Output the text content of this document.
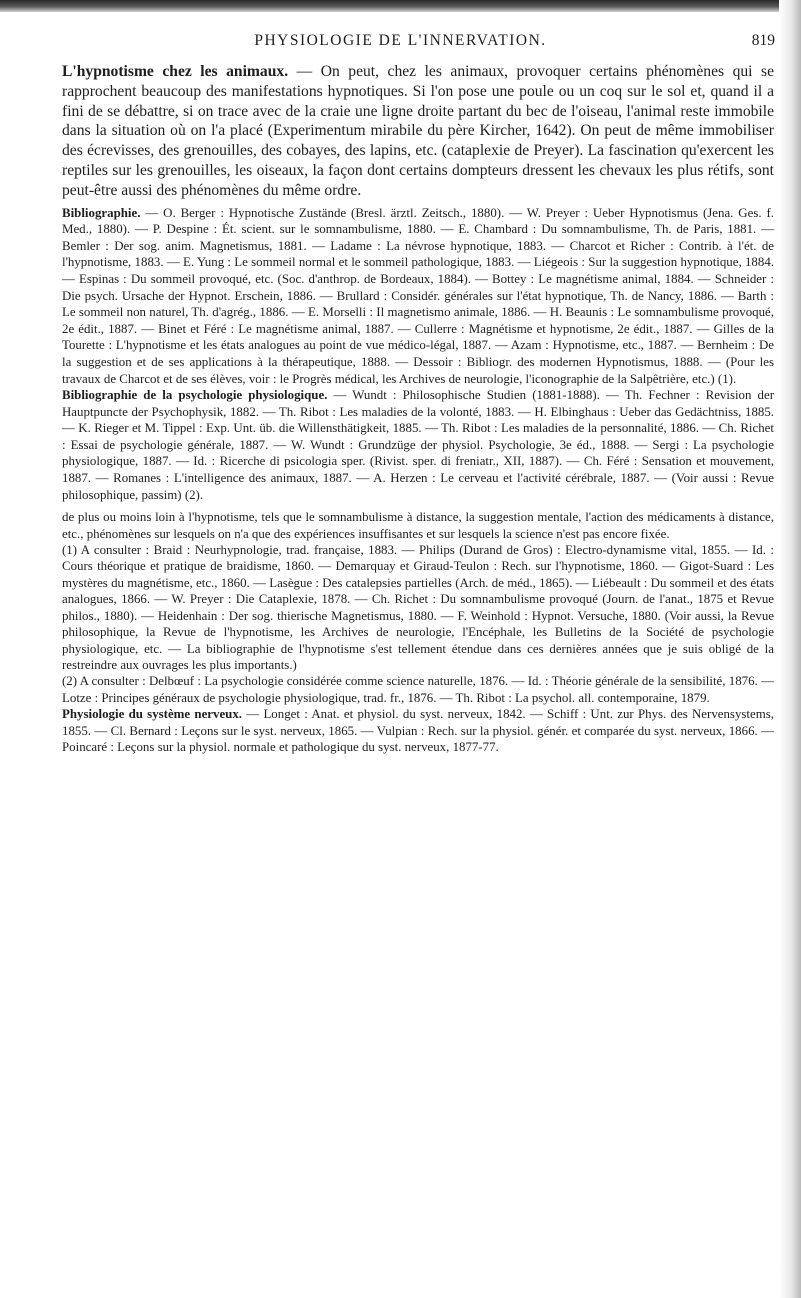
PHYSIOLOGIE DE L'INNERVATION.	819

L'hypnotisme chez les animaux. — On peut, chez les animaux, provoquer certains phénomènes qui se rapprochent beaucoup des manifestations hypnotiques. Si l'on pose une poule ou un coq sur le sol et, quand il a fini de se débattre, si on trace avec de la craie une ligne droite partant du bec de l'oiseau, l'animal reste immobile dans la situation où on l'a placé (Experimentum mirabile du père Kircher, 1642). On peut de même immobiliser des écrevisses, des grenouilles, des cobayes, des lapins, etc. (cataplexie de Preyer). La fascination qu'exercent les reptiles sur les grenouilles, les oiseaux, la façon dont certains dompteurs dressent les chevaux les plus rétifs, sont peut-être aussi des phénomènes du même ordre.

Bibliographie. — O. Berger : Hypnotische Zustände (Bresl. ärztl. Zeitsch., 1880). — W. Preyer : Ueber Hypnotismus (Jena. Ges. f. Med., 1880). — P. Despine : Ét. scient. sur le somnambulisme, 1880. — E. Chambard : Du somnambulisme, Th. de Paris, 1881. — Bemler : Der sog. anim. Magnetismus, 1881. — Ladame : La névrose hypnotique, 1883. — Charcot et Richer : Contrib. à l'ét. de l'hypnotisme, 1883. — E. Yung : Le sommeil normal et le sommeil pathologique, 1883. — Liégeois : Sur la suggestion hypnotique, 1884. — Espinas : Du sommeil provoqué, etc. (Soc. d'anthrop. de Bordeaux, 1884). — Bottey : Le magnétisme animal, 1884. — Schneider : Die psych. Ursache der Hypnot. Erschein, 1886. — Brullard : Considér. générales sur l'état hypnotique, Th. de Nancy, 1886. — Barth : Le sommeil non naturel, Th. d'agrég., 1886. — E. Morselli : Il magnetismo animale, 1886. — H. Beaunis : Le somnambulisme provoqué, 2e édit., 1887. — Binet et Féré : Le magnétisme animal, 1887. — Cullerre : Magnétisme et hypnotisme, 2e édit., 1887. — Gilles de la Tourette : L'hypnotisme et les états analogues au point de vue médico-légal, 1887. — Azam : Hypnotisme, etc., 1887. — Bernheim : De la suggestion et de ses applications à la thérapeutique, 1888. — Dessoir : Bibliogr. des modernen Hypnotismus, 1888. — (Pour les travaux de Charcot et de ses élèves, voir : le Progrès médical, les Archives de neurologie, l'iconographie de la Salpêtrière, etc.) (1).

Bibliographie de la psychologie physiologique. — Wundt : Philosophische Studien (1881-1888). — Th. Fechner : Revision der Hauptpuncte der Psychophysik, 1882. — Th. Ribot : Les maladies de la volonté, 1883. — H. Elbinghaus : Ueber das Gedächtniss, 1885. — K. Rieger et M. Tippel : Exp. Unt. üb. die Willensthätigkeit, 1885. — Th. Ribot : Les maladies de la personnalité, 1886. — Ch. Richet : Essai de psychologie générale, 1887. — W. Wundt : Grundzüge der physiol. Psychologie, 3e éd., 1888. — Sergi : La psychologie physiologique, 1887. — Id. : Ricerche di psicologia sper. (Rivist. sper. di freniatr., XII, 1887). — Ch. Féré : Sensation et mouvement, 1887. — Romanes : L'intelligence des animaux, 1887. — A. Herzen : Le cerveau et l'activité cérébrale, 1887. — (Voir aussi : Revue philosophique, passim) (2).

de plus ou moins loin à l'hypnotisme, tels que le somnambulisme à distance, la suggestion mentale, l'action des médicaments à distance, etc., phénomènes sur lesquels on n'a que des expériences insuffisantes et sur lesquels la science n'est pas encore fixée.

(1) A consulter : Braid : Neurhypnologie, trad. française, 1883. — Philips (Durand de Gros) : Electro-dynamisme vital, 1855. — Id. : Cours théorique et pratique de braidisme, 1860. — Demarquay et Giraud-Teulon : Rech. sur l'hypnotisme, 1860. — Gigot-Suard : Les mystères du magnétisme, etc., 1860. — Lasègue : Des catalepsies partielles (Arch. de méd., 1865). — Liébeault : Du sommeil et des états analogues, 1866. — W. Preyer : Die Cataplexie, 1878. — Ch. Richet : Du somnambulisme provoqué (Journ. de l'anat., 1875 et Revue philos., 1880). — Heidenhain : Der sog. thierische Magnetismus, 1880. — F. Weinhold : Hypnot. Versuche, 1880. (Voir aussi, la Revue philosophique, la Revue de l'hypnotisme, les Archives de neurologie, l'Encéphale, les Bulletins de la Société de psychologie physiologique, etc. — La bibliographie de l'hypnotisme s'est tellement étendue dans ces dernières années que je suis obligé de la restreindre aux ouvrages les plus importants.)

(2) A consulter : Delbœuf : La psychologie considérée comme science naturelle, 1876. — Id. : Théorie générale de la sensibilité, 1876. — Lotze : Principes généraux de psychologie physiologique, trad. fr., 1876. — Th. Ribot : La psychol. all. contemporaine, 1879.

Physiologie du système nerveux. — Longet : Anat. et physiol. du syst. nerveux, 1842. — Schiff : Unt. zur Phys. des Nervensystems, 1855. — Cl. Bernard : Leçons sur le syst. nerveux, 1865. — Vulpian : Rech. sur la physiol. génér. et comparée du syst. nerveux, 1866. — Poincaré : Leçons sur la physiol. normale et pathologique du syst. nerveux, 1877-77.
